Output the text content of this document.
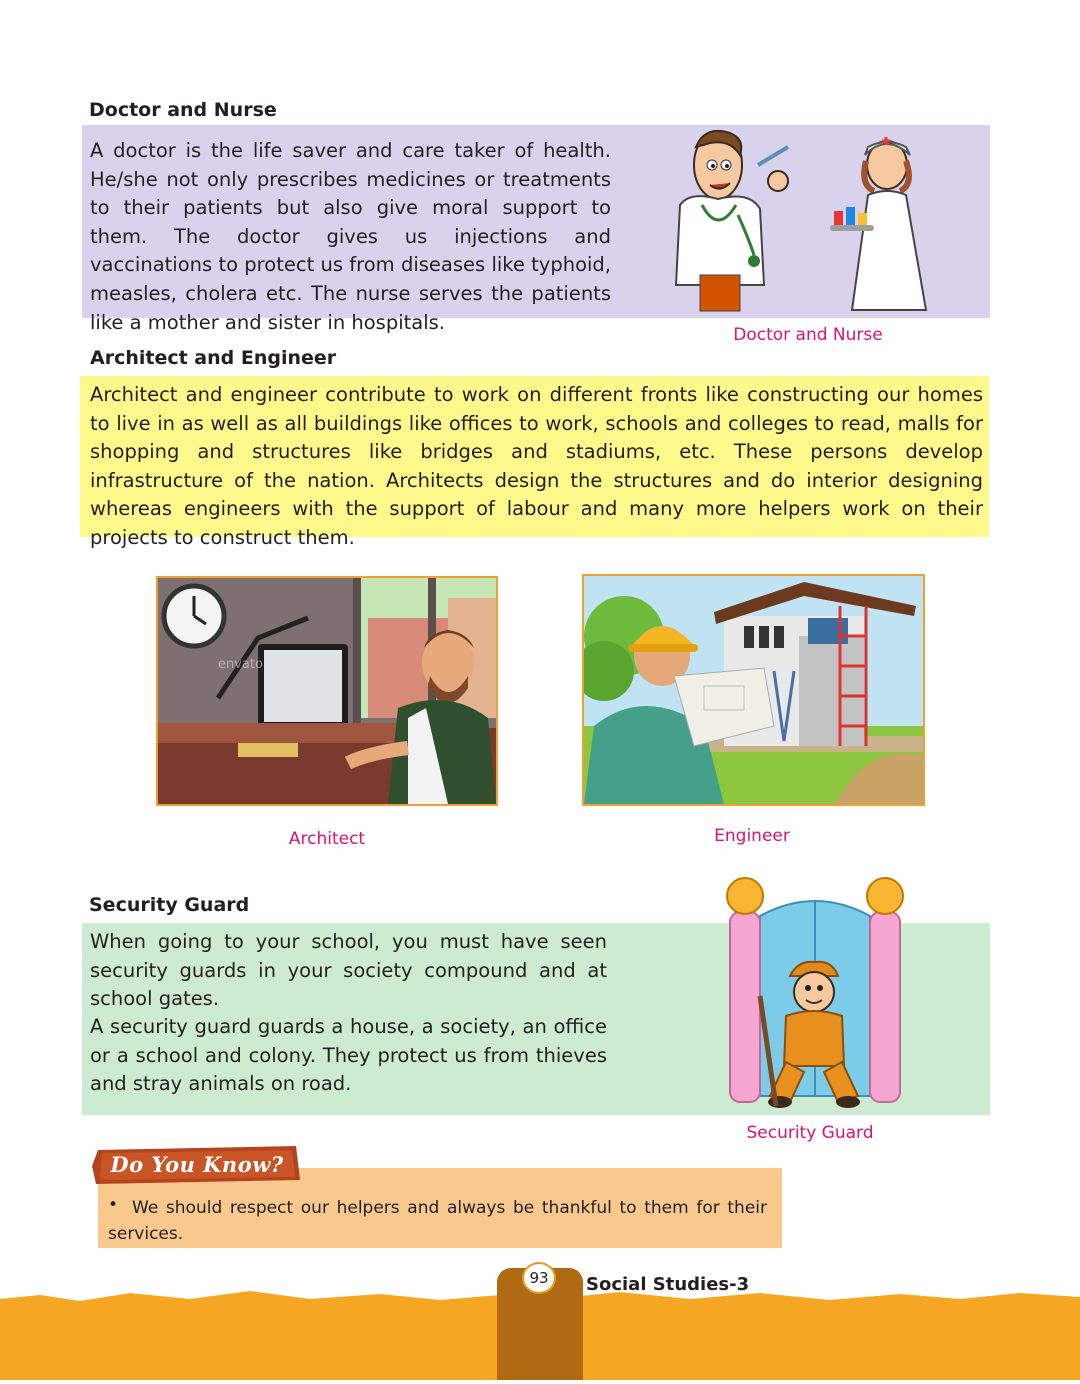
Doctor and Nurse

A doctor is the life saver and care taker of health. He/she not only prescribes medicines or treatments to their patients but also give moral support to them. The doctor gives us injections and vaccinations to protect us from diseases like typhoid, measles, cholera etc. The nurse serves the patients like a mother and sister in hospitals.

Doctor and Nurse
Architect and Engineer

Architect and engineer contribute to work on different fronts like constructing our homes to live in as well as all buildings like offices to work, schools and colleges to read, malls for shopping and structures like bridges and stadiums, etc. These persons develop infrastructure of the nation. Architects design the structures and do interior designing whereas engineers with the support of labour and many more helpers work on their projects to construct them.

envato
Architect	Engineer
Security Guard

When going to your school, you must have seen security guards in your society compound and at school gates.

A security guard guards a house, a society, an office or a school and colony. They protect us from thieves and stray animals on road.

Security Guard
Do You Know?
• We should respect our helpers and always be thankful to them for their services.
93	Social Studies-3
